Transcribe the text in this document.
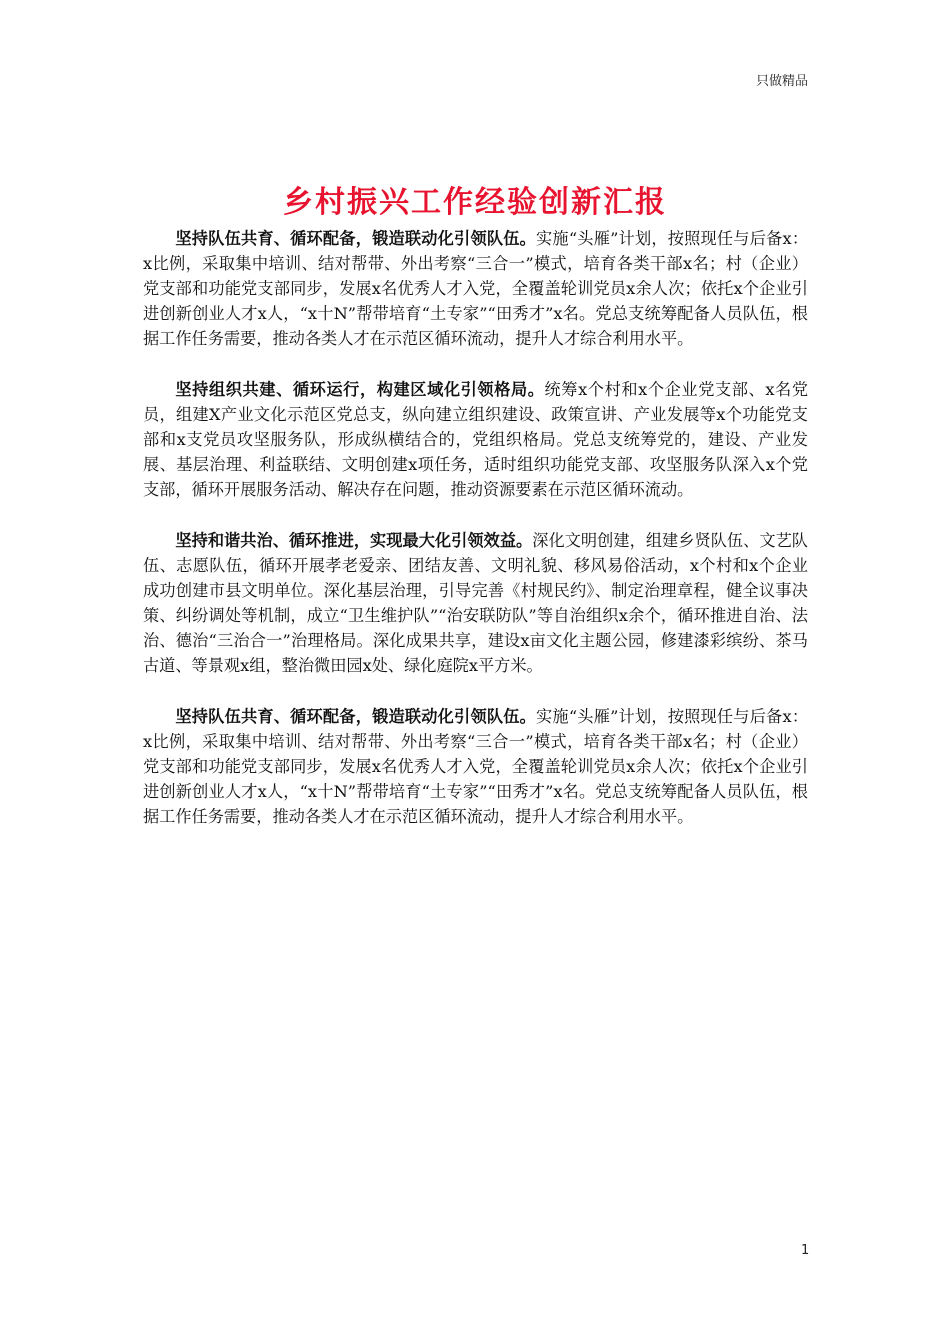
只做精品
乡村振兴工作经验创新汇报

坚持队伍共育、循环配备，锻造联动化引领队伍。实施“头雁”计划，按照现任与后备x：x比例，采取集中培训、结对帮带、外出考察“三合一”模式，培育各类干部x名；村（企业）党支部和功能党支部同步，发展x名优秀人才入党，全覆盖轮训党员x余人次；依托x个企业引进创新创业人才x人，“x十N”帮带培育“土专家”“田秀才”x名。党总支统筹配备人员队伍，根据工作任务需要，推动各类人才在示范区循环流动，提升人才综合利用水平。

坚持组织共建、循环运行，构建区域化引领格局。统筹x个村和x个企业党支部、x名党员，组建X产业文化示范区党总支，纵向建立组织建设、政策宣讲、产业发展等x个功能党支部和x支党员攻坚服务队，形成纵横结合的，党组织格局。党总支统筹党的，建设、产业发展、基层治理、利益联结、文明创建x项任务，适时组织功能党支部、攻坚服务队深入x个党支部，循环开展服务活动、解决存在问题，推动资源要素在示范区循环流动。

坚持和谐共治、循环推进，实现最大化引领效益。深化文明创建，组建乡贤队伍、文艺队伍、志愿队伍，循环开展孝老爱亲、团结友善、文明礼貌、移风易俗活动，x个村和x个企业成功创建市县文明单位。深化基层治理，引导完善《村规民约》、制定治理章程，健全议事决策、纠纷调处等机制，成立“卫生维护队”“治安联防队”等自治组织x余个，循环推进自治、法治、德治“三治合一”治理格局。深化成果共享，建设x亩文化主题公园，修建漆彩缤纷、茶马古道、等景观x组，整治微田园x处、绿化庭院x平方米。

坚持队伍共育、循环配备，锻造联动化引领队伍。实施“头雁”计划，按照现任与后备x：x比例，采取集中培训、结对帮带、外出考察“三合一”模式，培育各类干部x名；村（企业）党支部和功能党支部同步，发展x名优秀人才入党，全覆盖轮训党员x余人次；依托x个企业引进创新创业人才x人，“x十N”帮带培育“土专家”“田秀才”x名。党总支统筹配备人员队伍，根据工作任务需要，推动各类人才在示范区循环流动，提升人才综合利用水平。

1
